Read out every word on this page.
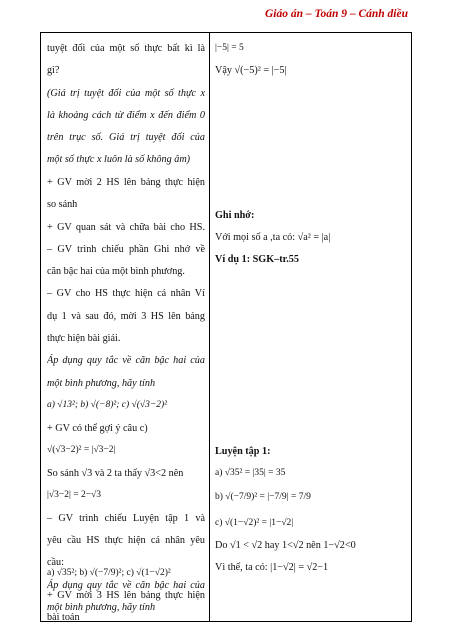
Giáo án – Toán 9 – Cánh diều
tuyệt đối của một số thực bất kì là
gì?
(Giá trị tuyệt đối của một số thực x
là khoảng cách từ điểm x đến điểm 0
trên trục số. Giá trị tuyệt đối của
một số thực x luôn là số không âm)
+ GV mời 2 HS lên bảng thực hiện
so sánh
+ GV quan sát và chữa bài cho HS.
– GV trình chiếu phần Ghi nhớ về
căn bậc hai của một bình phương.
– GV cho HS thực hiện cá nhân Ví
dụ 1 và sau đó, mời 3 HS lên bảng
thực hiện bài giải.
Áp dụng quy tắc về căn bậc hai của
một bình phương, hãy tính
a) √13²; b) √(−8)²; c) √(√3−2)²
+ GV có thể gợi ý câu c)
√(√3−2)² = |√3−2|
So sánh √3 và 2 ta thấy √3<2 nên
|√3−2| = 2−√3
– GV trình chiếu Luyện tập 1 và
yêu cầu HS thực hiện cá nhân yêu
cầu:
Áp dụng quy tắc về căn bậc hai của
một bình phương, hãy tính
a) √35²; b) √(−7/9)²; c) √(1−√2)²
+ GV mời 3 HS lên bảng thực hiện
bài toán
|−5| = 5
Vậy √(−5)² = |−5|
Ghi nhớ:
Với mọi số a ,ta có: √a² = |a|
Ví dụ 1: SGK–tr.55
Luyện tập 1:
a) √35² = |35| = 35
b) √(−7/9)² = |−7/9| = 7/9
c) √(1−√2)² = |1−√2|
Do √1 < √2 hay 1<√2 nên 1−√2<0
Vì thế, ta có: |1−√2| = √2−1
